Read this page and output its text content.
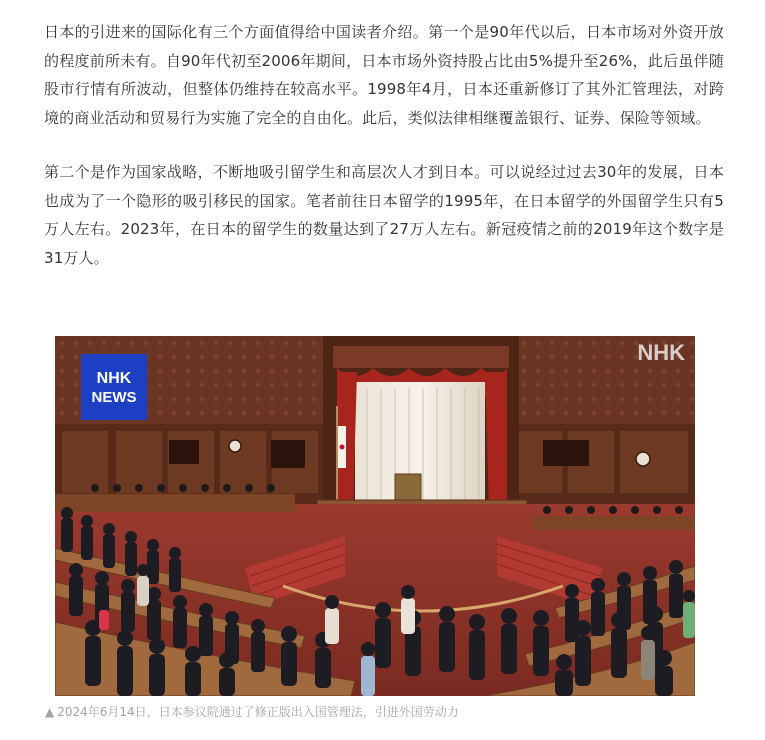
日本的引进来的国际化有三个方面值得给中国读者介绍。第一个是90年代以后，日本市场对外资开放的程度前所未有。自90年代初至2006年期间，日本市场外资持股占比由5%提升至26%，此后虽伴随股市行情有所波动，但整体仍维持在较高水平。1998年4月，日本还重新修订了其外汇管理法，对跨境的商业活动和贸易行为实施了完全的自由化。此后，类似法律相继覆盖银行、证券、保险等领域。

第二个是作为国家战略，不断地吸引留学生和高层次人才到日本。可以说经过过去30年的发展，日本也成为了一个隐形的吸引移民的国家。笔者前往日本留学的1995年，在日本留学的外国留学生只有5万人左右。2023年，在日本的留学生的数量达到了27万人左右。新冠疫情之前的2019年这个数字是31万人。

NHK
NEWS
NHK
▲ 2024年6月14日，日本参议院通过了修正版出入国管理法，引进外国劳动力
